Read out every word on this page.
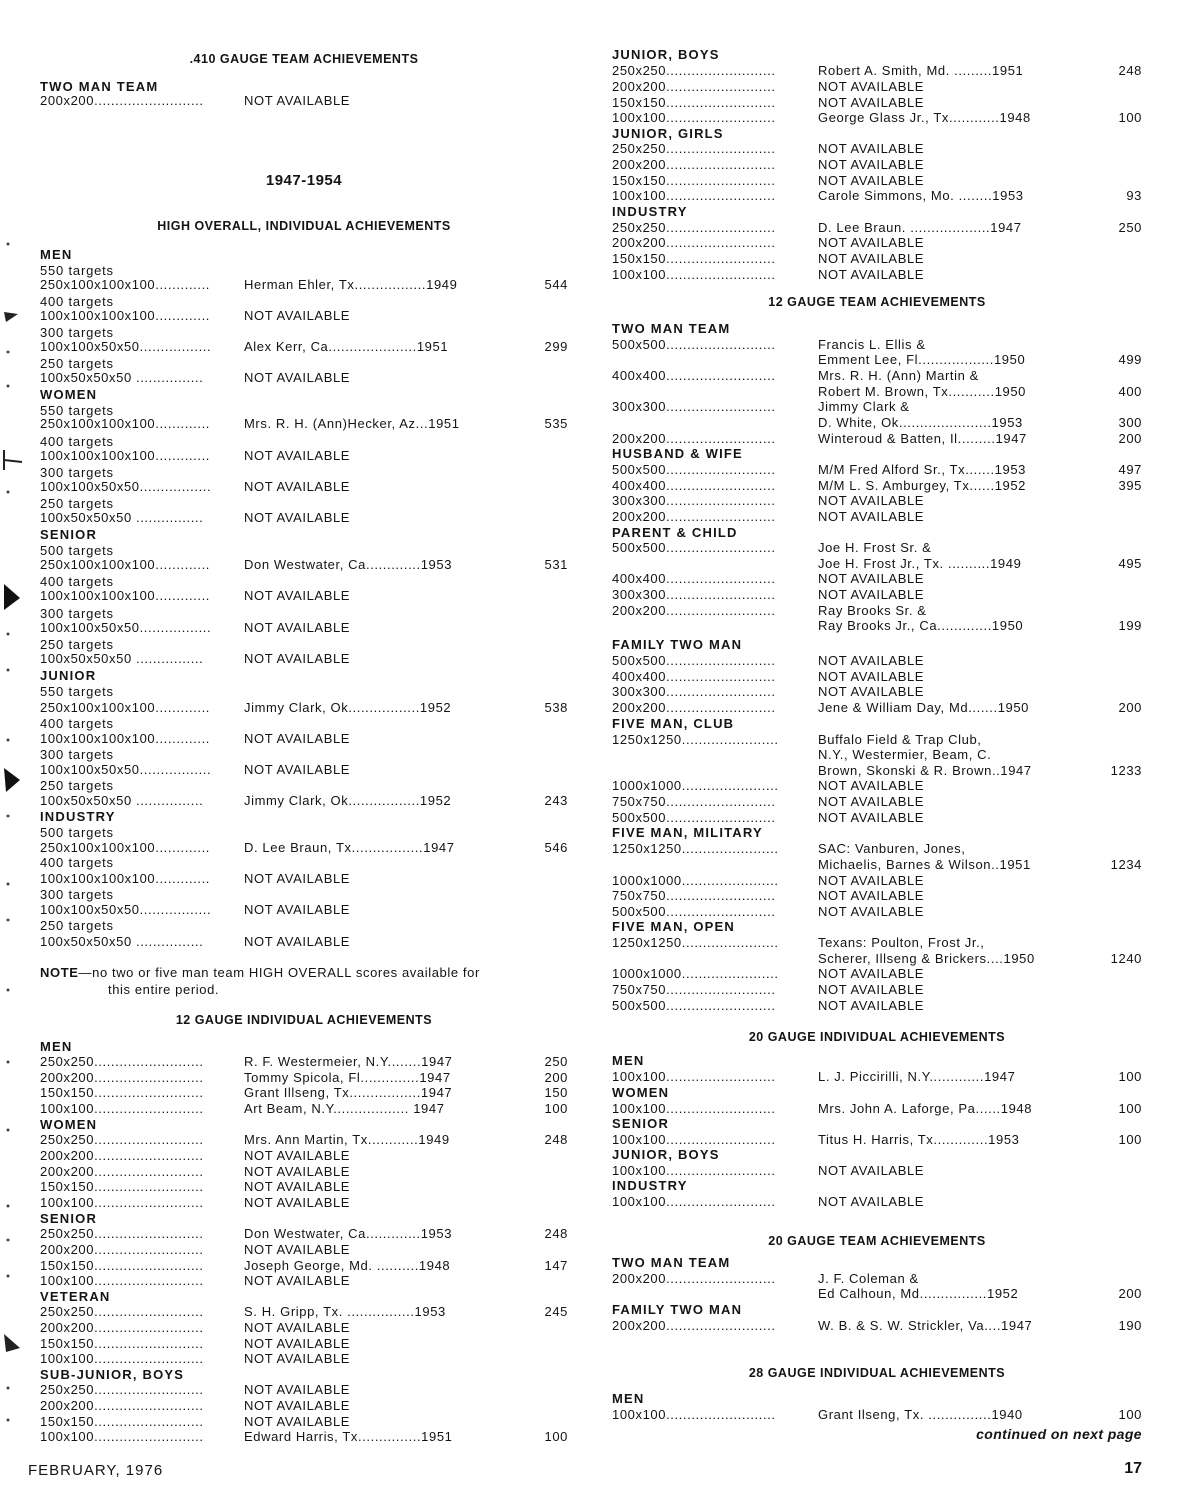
.410 GAUGE TEAM ACHIEVEMENTS
TWO MAN TEAM
200x200..........................	NOT AVAILABLE
1947-1954
HIGH OVERALL, INDIVIDUAL ACHIEVEMENTS
MEN
550 targets
250x100x100x100.............	Herman Ehler, Tx.................1949	544
400 targets
100x100x100x100.............	NOT AVAILABLE
300 targets
100x100x50x50.................	Alex Kerr, Ca.....................1951	299
250 targets
100x50x50x50 ................	NOT AVAILABLE
WOMEN
550 targets
250x100x100x100.............	Mrs. R. H. (Ann)Hecker, Az...1951	535
400 targets
100x100x100x100.............	NOT AVAILABLE
300 targets
100x100x50x50.................	NOT AVAILABLE
250 targets
100x50x50x50 ................	NOT AVAILABLE
SENIOR
500 targets
250x100x100x100.............	Don Westwater, Ca.............1953	531
400 targets
100x100x100x100.............	NOT AVAILABLE
300 targets
100x100x50x50.................	NOT AVAILABLE
250 targets
100x50x50x50 ................	NOT AVAILABLE
JUNIOR
550 targets
250x100x100x100.............	Jimmy Clark, Ok.................1952	538
400 targets
100x100x100x100.............	NOT AVAILABLE
300 targets
100x100x50x50.................	NOT AVAILABLE
250 targets
100x50x50x50 ................	Jimmy Clark, Ok.................1952	243
INDUSTRY
500 targets
250x100x100x100.............	D. Lee Braun, Tx.................1947	546
400 targets
100x100x100x100.............	NOT AVAILABLE
300 targets
100x100x50x50.................	NOT AVAILABLE
250 targets
100x50x50x50 ................	NOT AVAILABLE
NOTE—no two or five man team HIGH OVERALL scores available for
this entire period.
12 GAUGE INDIVIDUAL ACHIEVEMENTS
MEN
250x250..........................	R. F. Westermeier, N.Y........1947	250
200x200..........................	Tommy Spicola, Fl..............1947	200
150x150..........................	Grant Illseng, Tx.................1947	150
100x100..........................	Art Beam, N.Y.................. 1947	100
WOMEN
250x250..........................	Mrs. Ann Martin, Tx............1949	248
200x200..........................	NOT AVAILABLE
200x200..........................	NOT AVAILABLE
150x150..........................	NOT AVAILABLE
100x100..........................	NOT AVAILABLE
SENIOR
250x250..........................	Don Westwater, Ca.............1953	248
200x200..........................	NOT AVAILABLE
150x150..........................	Joseph George, Md. ..........1948	147
100x100..........................	NOT AVAILABLE
VETERAN
250x250..........................	S. H. Gripp, Tx. ................1953	245
200x200..........................	NOT AVAILABLE
150x150..........................	NOT AVAILABLE
100x100..........................	NOT AVAILABLE
SUB-JUNIOR, BOYS
250x250..........................	NOT AVAILABLE
200x200..........................	NOT AVAILABLE
150x150..........................	NOT AVAILABLE
100x100..........................	Edward Harris, Tx...............1951	100
JUNIOR, BOYS
250x250..........................	Robert A. Smith, Md. .........1951	248
200x200..........................	NOT AVAILABLE
150x150..........................	NOT AVAILABLE
100x100..........................	George Glass Jr., Tx............1948	100
JUNIOR, GIRLS
250x250..........................	NOT AVAILABLE
200x200..........................	NOT AVAILABLE
150x150..........................	NOT AVAILABLE
100x100..........................	Carole Simmons, Mo. ........1953	93
INDUSTRY
250x250..........................	D. Lee Braun. ...................1947	250
200x200..........................	NOT AVAILABLE
150x150..........................	NOT AVAILABLE
100x100..........................	NOT AVAILABLE
12 GAUGE TEAM ACHIEVEMENTS
TWO MAN TEAM
500x500..........................	Francis L. Ellis &
Emment Lee, Fl..................1950	499
400x400..........................	Mrs. R. H. (Ann) Martin &
Robert M. Brown, Tx...........1950	400
300x300..........................	Jimmy Clark &
D. White, Ok......................1953	300
200x200..........................	Winteroud & Batten, Il.........1947	200
HUSBAND & WIFE
500x500..........................	M/M Fred Alford Sr., Tx.......1953	497
400x400..........................	M/M L. S. Amburgey, Tx......1952	395
300x300..........................	NOT AVAILABLE
200x200..........................	NOT AVAILABLE
PARENT & CHILD
500x500..........................	Joe H. Frost Sr. &
Joe H. Frost Jr., Tx. ..........1949	495
400x400..........................	NOT AVAILABLE
300x300..........................	NOT AVAILABLE
200x200..........................	Ray Brooks Sr. &
Ray Brooks Jr., Ca.............1950	199
FAMILY TWO MAN
500x500..........................	NOT AVAILABLE
400x400..........................	NOT AVAILABLE
300x300..........................	NOT AVAILABLE
200x200..........................	Jene & William Day, Md.......1950	200
FIVE MAN, CLUB
1250x1250.......................	Buffalo Field & Trap Club,
N.Y., Westermier, Beam, C.
Brown, Skonski & R. Brown..1947	1233
1000x1000.......................	NOT AVAILABLE
750x750..........................	NOT AVAILABLE
500x500..........................	NOT AVAILABLE
FIVE MAN, MILITARY
1250x1250.......................	SAC: Vanburen, Jones,
Michaelis, Barnes & Wilson..1951	1234
1000x1000.......................	NOT AVAILABLE
750x750..........................	NOT AVAILABLE
500x500..........................	NOT AVAILABLE
FIVE MAN, OPEN
1250x1250.......................	Texans: Poulton, Frost Jr.,
Scherer, Illseng & Brickers....1950	1240
1000x1000.......................	NOT AVAILABLE
750x750..........................	NOT AVAILABLE
500x500..........................	NOT AVAILABLE
20 GAUGE INDIVIDUAL ACHIEVEMENTS
MEN
100x100..........................	L. J. Piccirilli, N.Y.............1947	100
WOMEN
100x100..........................	Mrs. John A. Laforge, Pa......1948	100
SENIOR
100x100..........................	Titus H. Harris, Tx.............1953	100
JUNIOR, BOYS
100x100..........................	NOT AVAILABLE
INDUSTRY
100x100..........................	NOT AVAILABLE
20 GAUGE TEAM ACHIEVEMENTS
TWO MAN TEAM
200x200..........................	J. F. Coleman &
Ed Calhoun, Md................1952	200
FAMILY TWO MAN
200x200..........................	W. B. & S. W. Strickler, Va....1947	190
28 GAUGE INDIVIDUAL ACHIEVEMENTS
MEN
100x100..........................	Grant Ilseng, Tx. ...............1940	100
continued on next page
FEBRUARY, 1976	17
